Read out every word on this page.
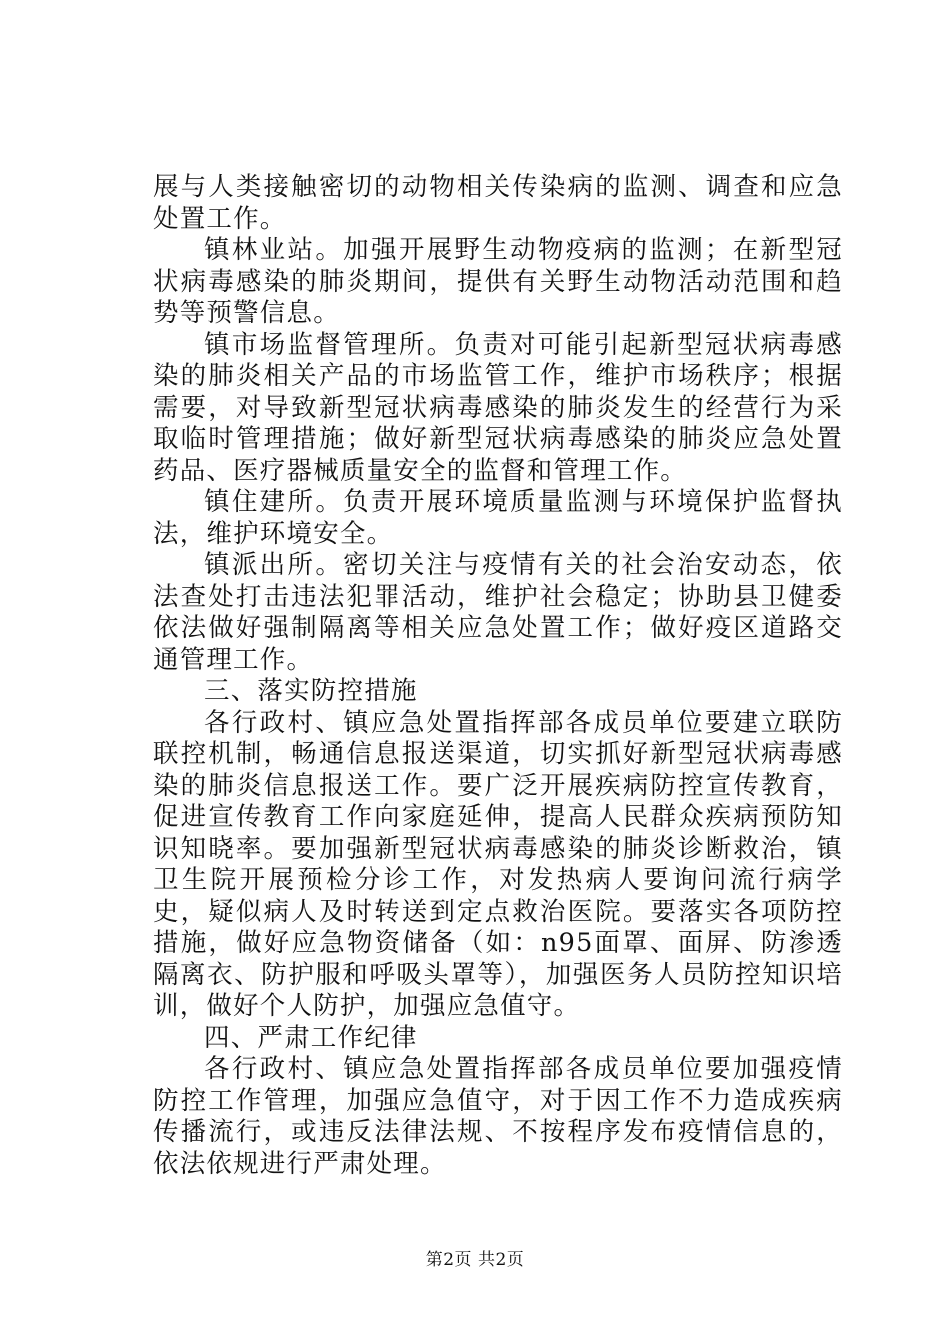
展与人类接触密切的动物相关传染病的监测、调查和应急处置工作。

镇林业站。加强开展野生动物疫病的监测；在新型冠状病毒感染的肺炎期间，提供有关野生动物活动范围和趋势等预警信息。

镇市场监督管理所。负责对可能引起新型冠状病毒感染的肺炎相关产品的市场监管工作，维护市场秩序；根据需要，对导致新型冠状病毒感染的肺炎发生的经营行为采取临时管理措施；做好新型冠状病毒感染的肺炎应急处置药品、医疗器械质量安全的监督和管理工作。

镇住建所。负责开展环境质量监测与环境保护监督执法，维护环境安全。

镇派出所。密切关注与疫情有关的社会治安动态，依法查处打击违法犯罪活动，维护社会稳定；协助县卫健委依法做好强制隔离等相关应急处置工作；做好疫区道路交通管理工作。

三、落实防控措施

各行政村、镇应急处置指挥部各成员单位要建立联防联控机制，畅通信息报送渠道，切实抓好新型冠状病毒感染的肺炎信息报送工作。要广泛开展疾病防控宣传教育，促进宣传教育工作向家庭延伸，提高人民群众疾病预防知识知晓率。要加强新型冠状病毒感染的肺炎诊断救治，镇卫生院开展预检分诊工作，对发热病人要询问流行病学史，疑似病人及时转送到定点救治医院。要落实各项防控措施，做好应急物资储备（如：n95面罩、面屏、防渗透隔离衣、防护服和呼吸头罩等），加强医务人员防控知识培训，做好个人防护，加强应急值守。

四、严肃工作纪律

各行政村、镇应急处置指挥部各成员单位要加强疫情防控工作管理，加强应急值守，对于因工作不力造成疾病传播流行，或违反法律法规、不按程序发布疫情信息的，依法依规进行严肃处理。

第2页 共2页
